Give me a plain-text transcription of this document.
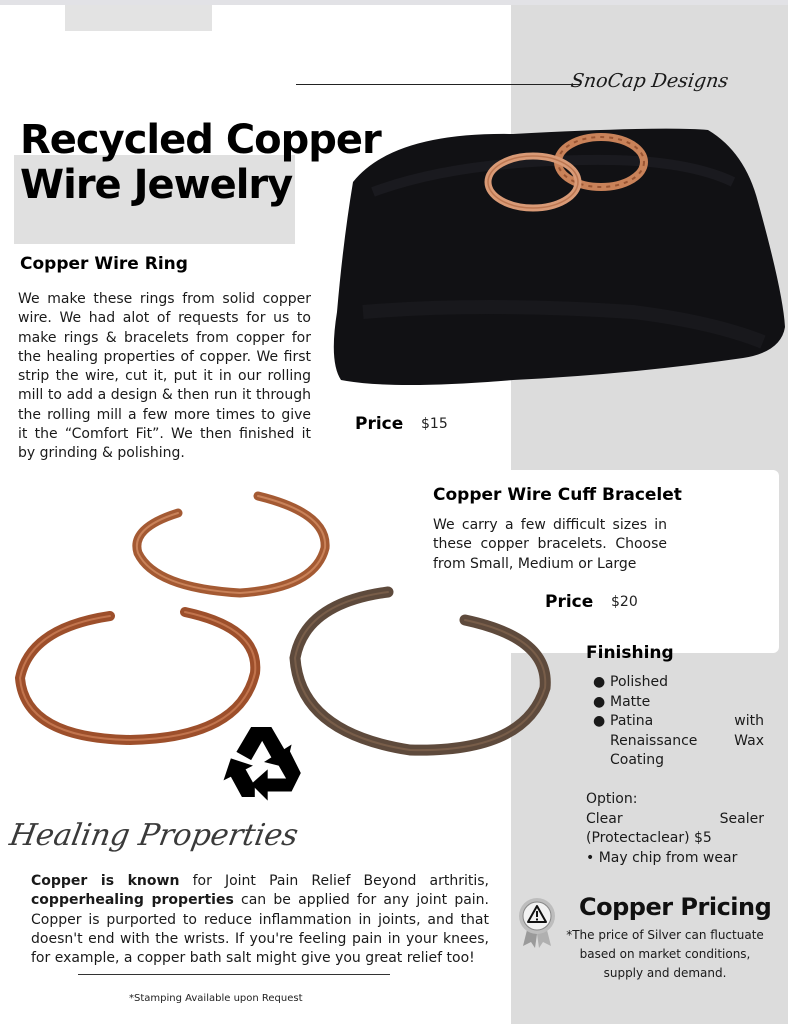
SnoCap Designs
Recycled Copper Wire Jewelry
Copper Wire Ring
We make these rings from solid copper wire. We had alot of requests for us to make rings & bracelets from copper for the healing properties of copper. We first strip the wire, cut it, put it in our rolling mill to add a design & then run it through the rolling mill a few more times to give it the “Comfort Fit”. We then finished it by grinding & polishing.
Price $15
Copper Wire Cuff Bracelet
We carry a few difficult sizes in these copper bracelets. Choose from Small, Medium or Large
Price $20
Finishing
● Polished
● Matte
● Patina with Renaissance Wax Coating
Option:
Clear Sealer (Protectaclear) $5
• May chip from wear
Healing Properties
Copper is known for Joint Pain Relief Beyond arthritis, copperhealing properties can be applied for any joint pain. Copper is purported to reduce inflammation in joints, and that doesn't end with the wrists. If you're feeling pain in your knees, for example, a copper bath salt might give you great relief too!
*Stamping Available upon Request
Copper Pricing
*The price of Silver can fluctuate based on market conditions, supply and demand.
